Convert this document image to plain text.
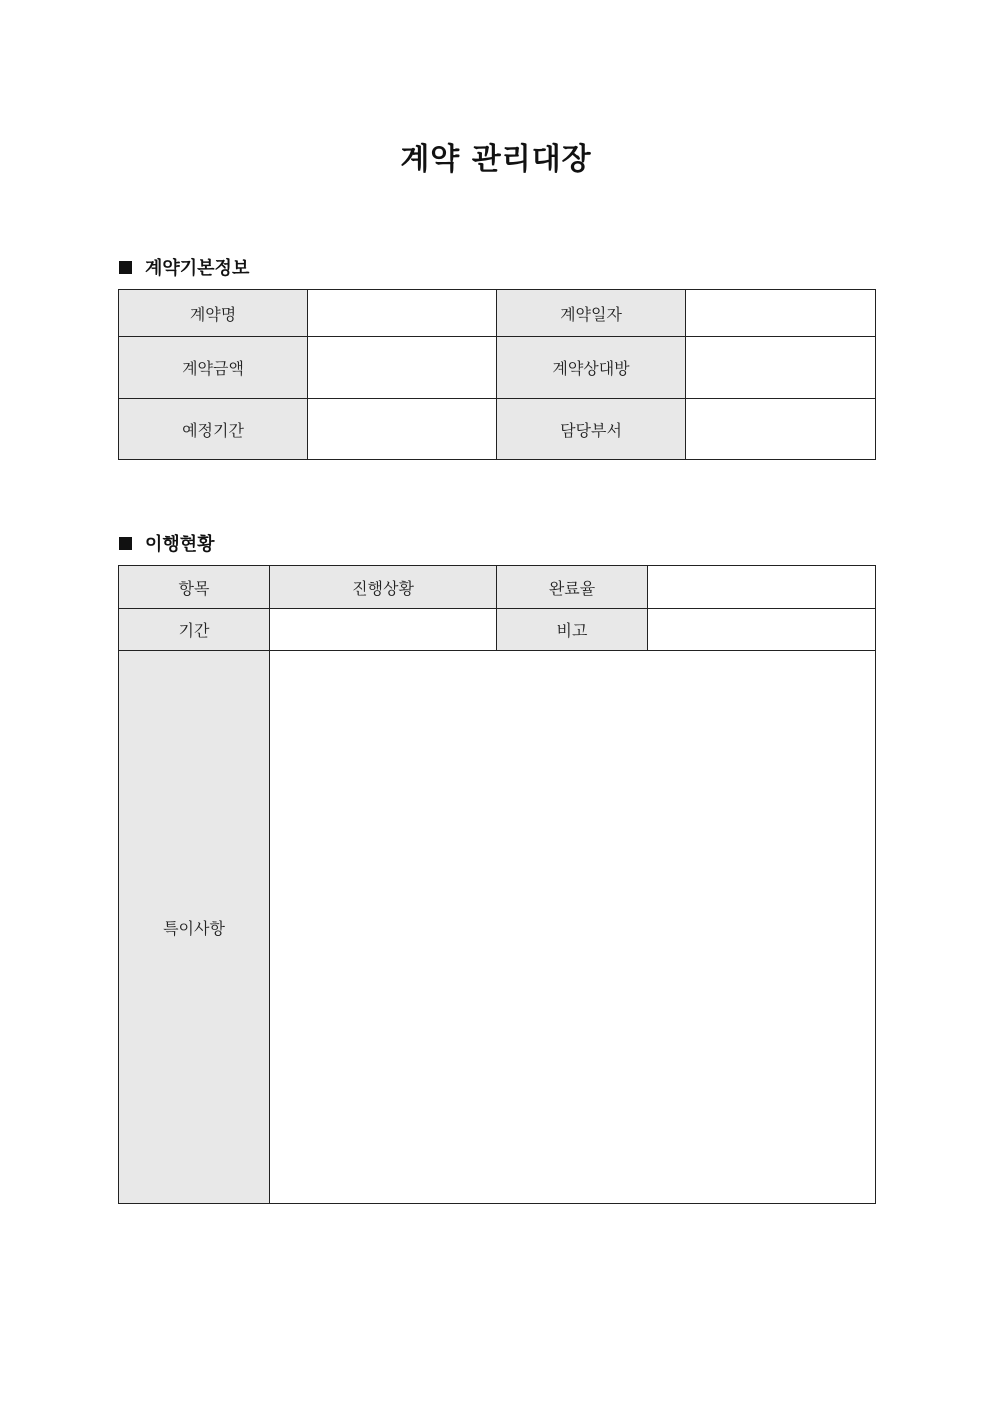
계약 관리대장
계약기본정보
계약명		계약일자	
계약금액		계약상대방	
예정기간		담당부서	
이행현황
항목	진행상황	완료율	
기간		비고	
특이사항			
